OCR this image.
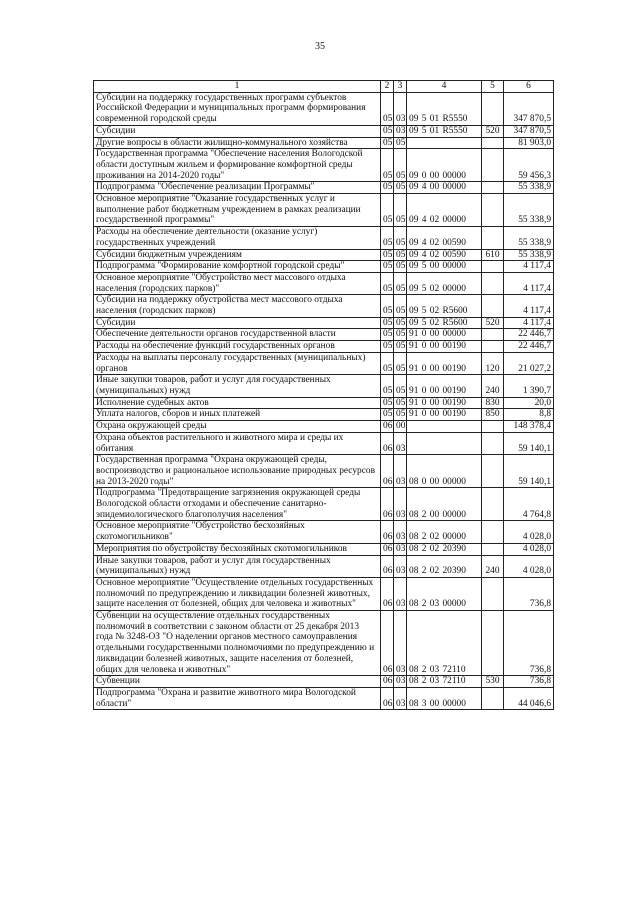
35
1	2	3	4	5	6
Субсидии на поддержку государственных программ субъектов Российской Федерации и муниципальных программ формирования современной городской среды	05	03	09 5 01 R5550		347 870,5
Субсидии	05	03	09 5 01 R5550	520	347 870,5
Другие вопросы в области жилищно-коммунального хозяйства	05	05			81 903,0
Государственная программа "Обеспечение населения Вологодской области доступным жильем и формирование комфортной среды проживания на 2014-2020 годы"	05	05	09 0 00 00000		59 456,3
Подпрограмма "Обеспечение реализации Программы"	05	05	09 4 00 00000		55 338,9
Основное мероприятие "Оказание государственных услуг и выполнение работ бюджетным учреждением в рамках реализации государственной программы"	05	05	09 4 02 00000		55 338,9
Расходы на обеспечение деятельности (оказание услуг) государственных учреждений	05	05	09 4 02 00590		55 338,9
Субсидии бюджетным учреждениям	05	05	09 4 02 00590	610	55 338,9
Подпрограмма "Формирование комфортной городской среды"	05	05	09 5 00 00000		4 117,4
Основное мероприятие "Обустройство мест массового отдыха населения (городских парков)"	05	05	09 5 02 00000		4 117,4
Субсидии на поддержку обустройства мест массового отдыха населения (городских парков)	05	05	09 5 02 R5600		4 117,4
Субсидии	05	05	09 5 02 R5600	520	4 117,4
Обеспечение деятельности органов государственной власти	05	05	91 0 00 00000		22 446,7
Расходы на обеспечение функций государственных органов	05	05	91 0 00 00190		22 446,7
Расходы на выплаты персоналу государственных (муниципальных) органов	05	05	91 0 00 00190	120	21 027,2
Иные закупки товаров, работ и услуг для государственных (муниципальных) нужд	05	05	91 0 00 00190	240	1 390,7
Исполнение судебных актов	05	05	91 0 00 00190	830	20,0
Уплата налогов, сборов и иных платежей	05	05	91 0 00 00190	850	8,8
Охрана окружающей среды	06	00			148 378,4
Охрана объектов растительного и животного мира и среды их обитания	06	03			59 140,1
Государственная программа "Охрана окружающей среды, воспроизводство и рациональное использование природных ресурсов на 2013-2020 годы"	06	03	08 0 00 00000		59 140,1
Подпрограмма "Предотвращение загрязнения окружающей среды Вологодской области отходами и обеспечение санитарно-эпидемиологического благополучия населения"	06	03	08 2 00 00000		4 764,8
Основное мероприятие "Обустройство бесхозяйных скотомогильников"	06	03	08 2 02 00000		4 028,0
Мероприятия по обустройству бесхозяйных скотомогильников	06	03	08 2 02 20390		4 028,0
Иные закупки товаров, работ и услуг для государственных (муниципальных) нужд	06	03	08 2 02 20390	240	4 028,0
Основное мероприятие "Осуществление отдельных государственных полномочий по предупреждению и ликвидации болезней животных, защите населения от болезней, общих для человека и животных"	06	03	08 2 03 00000		736,8
Субвенции на осуществление отдельных государственных полномочий в соответствии с законом области от 25 декабря 2013 года № 3248-ОЗ "О наделении органов местного самоуправления отдельными государственными полномочиями по предупреждению и ликвидации болезней животных, защите населения от болезней, общих для человека и животных"	06	03	08 2 03 72110		736,8
Субвенции	06	03	08 2 03 72110	530	736,8
Подпрограмма "Охрана и развитие животного мира Вологодской области"	06	03	08 3 00 00000		44 046,6
